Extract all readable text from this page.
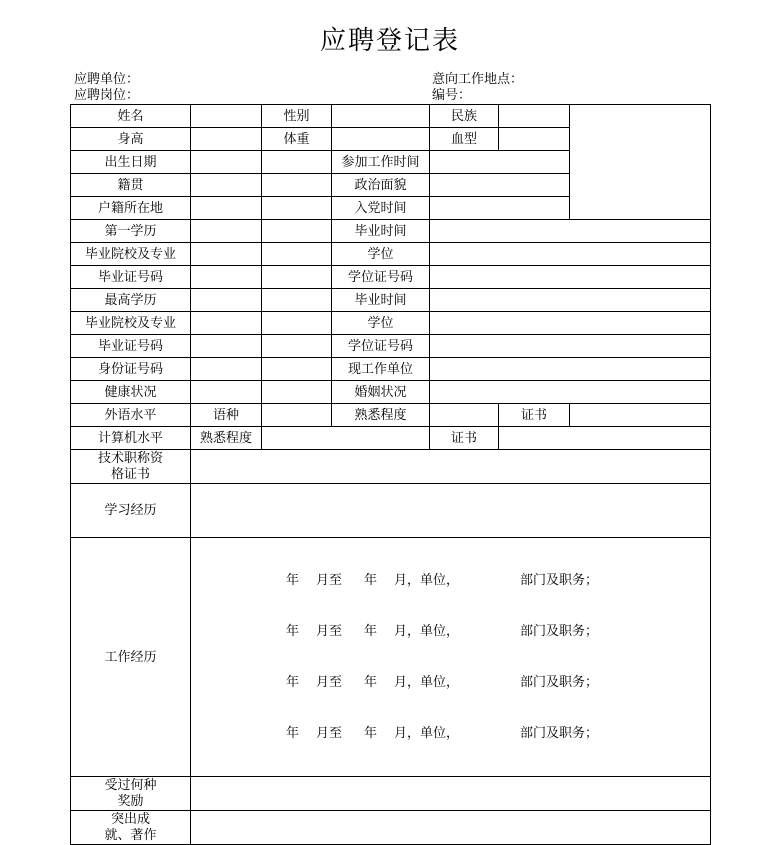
应聘登记表
应聘单位：
应聘岗位：
意向工作地点：
编号：
姓名		性别		民族		
身高		体重		血型		
出生日期			参加工作时间			
籍贯			政治面貌			
户籍所在地			入党时间			
第一学历			毕业时间			
毕业院校及专业			学位			
毕业证号码			学位证号码			
最高学历			毕业时间			
毕业院校及专业			学位			
毕业证号码			学位证号码			
身份证号码			现工作单位			
健康状况			婚姻状况			
外语水平	语种		熟悉程度		证书	
计算机水平	熟悉程度			证书		
技术职称资格证书						
学习经历						
工作经历	年 月至 年 月，单位， 部门及职务；

年 月至 年 月，单位， 部门及职务；

年 月至 年 月，单位， 部门及职务；

年 月至 年 月，单位， 部门及职务；					

受过何种奖励						
突出成就、著作						
